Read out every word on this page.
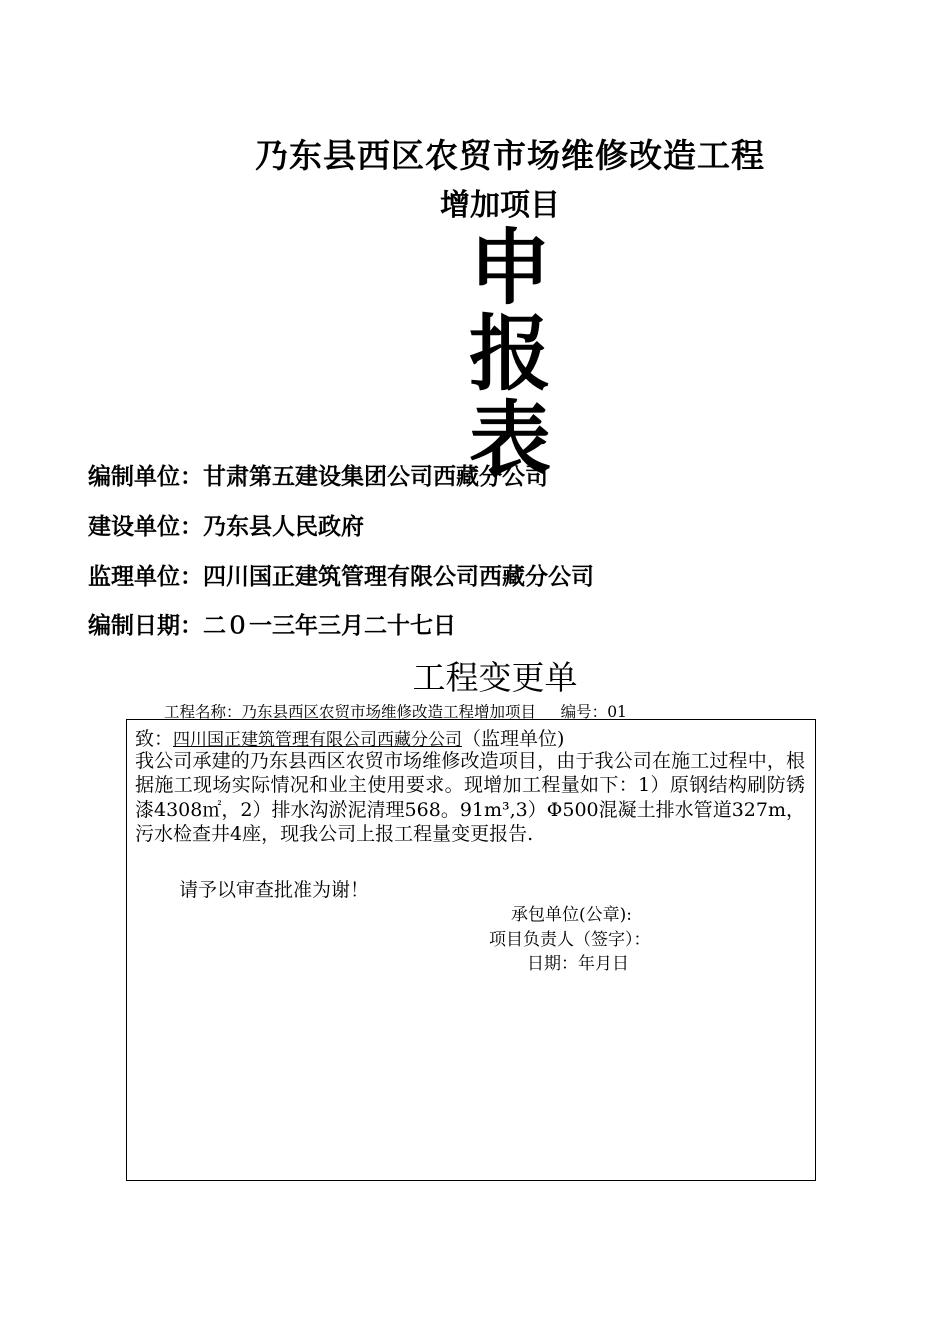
乃东县西区农贸市场维修改造工程
增加项目
申
报
表
编制单位：甘肃第五建设集团公司西藏分公司
建设单位：乃东县人民政府
监理单位：四川国正建筑管理有限公司西藏分公司
编制日期：二０一三年三月二十七日
工程变更单
工程名称：乃东县西区农贸市场维修改造工程增加项目 编号：01
致：四川国正建筑管理有限公司西藏分公司（监理单位)
我公司承建的乃东县西区农贸市场维修改造项目，由于我公司在施工过程中，根据施工现场实际情况和业主使用要求。现增加工程量如下：1）原钢结构刷防锈漆4308㎡，2）排水沟淤泥清理568。91m³,3）Φ500混凝土排水管道327m，污水检查井4座，现我公司上报工程量变更报告.
请予以审查批准为谢！
承包单位(公章):
项目负责人（签字）：
日期：年月日
